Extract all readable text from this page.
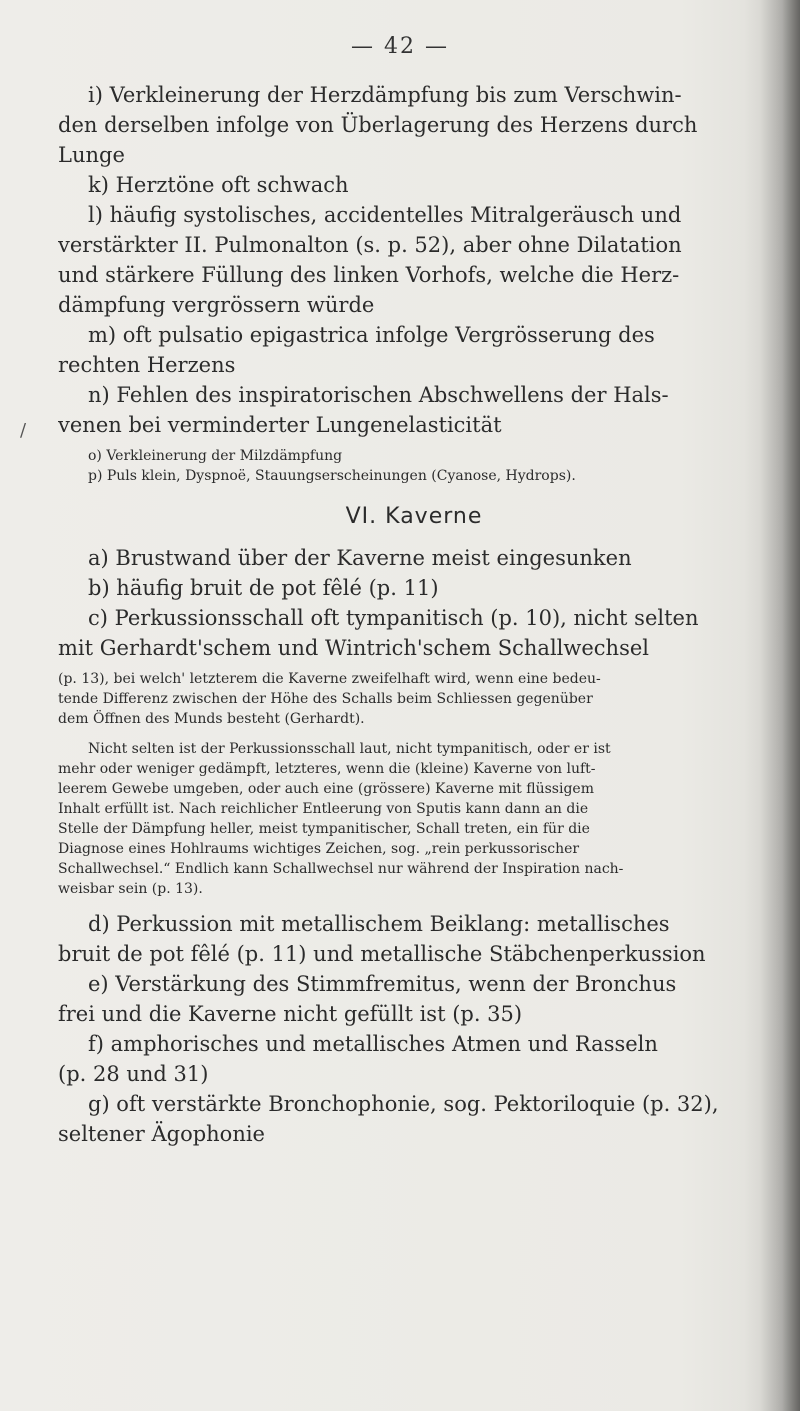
— 42 —
/
i) Verkleinerung der Herzdämpfung bis zum Verschwin-
den derselben infolge von Überlagerung des Herzens durch
Lunge
k) Herztöne oft schwach
l) häufig systolisches, accidentelles Mitralgeräusch und
verstärkter II. Pulmonalton (s. p. 52), aber ohne Dilatation
und stärkere Füllung des linken Vorhofs, welche die Herz-
dämpfung vergrössern würde
m) oft pulsatio epigastrica infolge Vergrösserung des
rechten Herzens
n) Fehlen des inspiratorischen Abschwellens der Hals-
venen bei verminderter Lungenelasticität
o) Verkleinerung der Milzdämpfung
p) Puls klein, Dyspnoë, Stauungserscheinungen (Cyanose, Hydrops).
VI. Kaverne
a) Brustwand über der Kaverne meist eingesunken
b) häufig bruit de pot fêlé (p. 11)
c) Perkussionsschall oft tympanitisch (p. 10), nicht selten
mit Gerhardt'schem und Wintrich'schem Schallwechsel
(p. 13), bei welch' letzterem die Kaverne zweifelhaft wird, wenn eine bedeu-
tende Differenz zwischen der Höhe des Schalls beim Schliessen gegenüber
dem Öffnen des Munds besteht (Gerhardt).
Nicht selten ist der Perkussionsschall laut, nicht tympanitisch, oder er ist
mehr oder weniger gedämpft, letzteres, wenn die (kleine) Kaverne von luft-
leerem Gewebe umgeben, oder auch eine (grössere) Kaverne mit flüssigem
Inhalt erfüllt ist. Nach reichlicher Entleerung von Sputis kann dann an die
Stelle der Dämpfung heller, meist tympanitischer, Schall treten, ein für die
Diagnose eines Hohlraums wichtiges Zeichen, sog. „rein perkussorischer
Schallwechsel.“ Endlich kann Schallwechsel nur während der Inspiration nach-
weisbar sein (p. 13).
d) Perkussion mit metallischem Beiklang: metallisches
bruit de pot fêlé (p. 11) und metallische Stäbchenperkussion
e) Verstärkung des Stimmfremitus, wenn der Bronchus
frei und die Kaverne nicht gefüllt ist (p. 35)
f) amphorisches und metallisches Atmen und Rasseln
(p. 28 und 31)
g) oft verstärkte Bronchophonie, sog. Pektoriloquie (p. 32),
seltener Ägophonie
